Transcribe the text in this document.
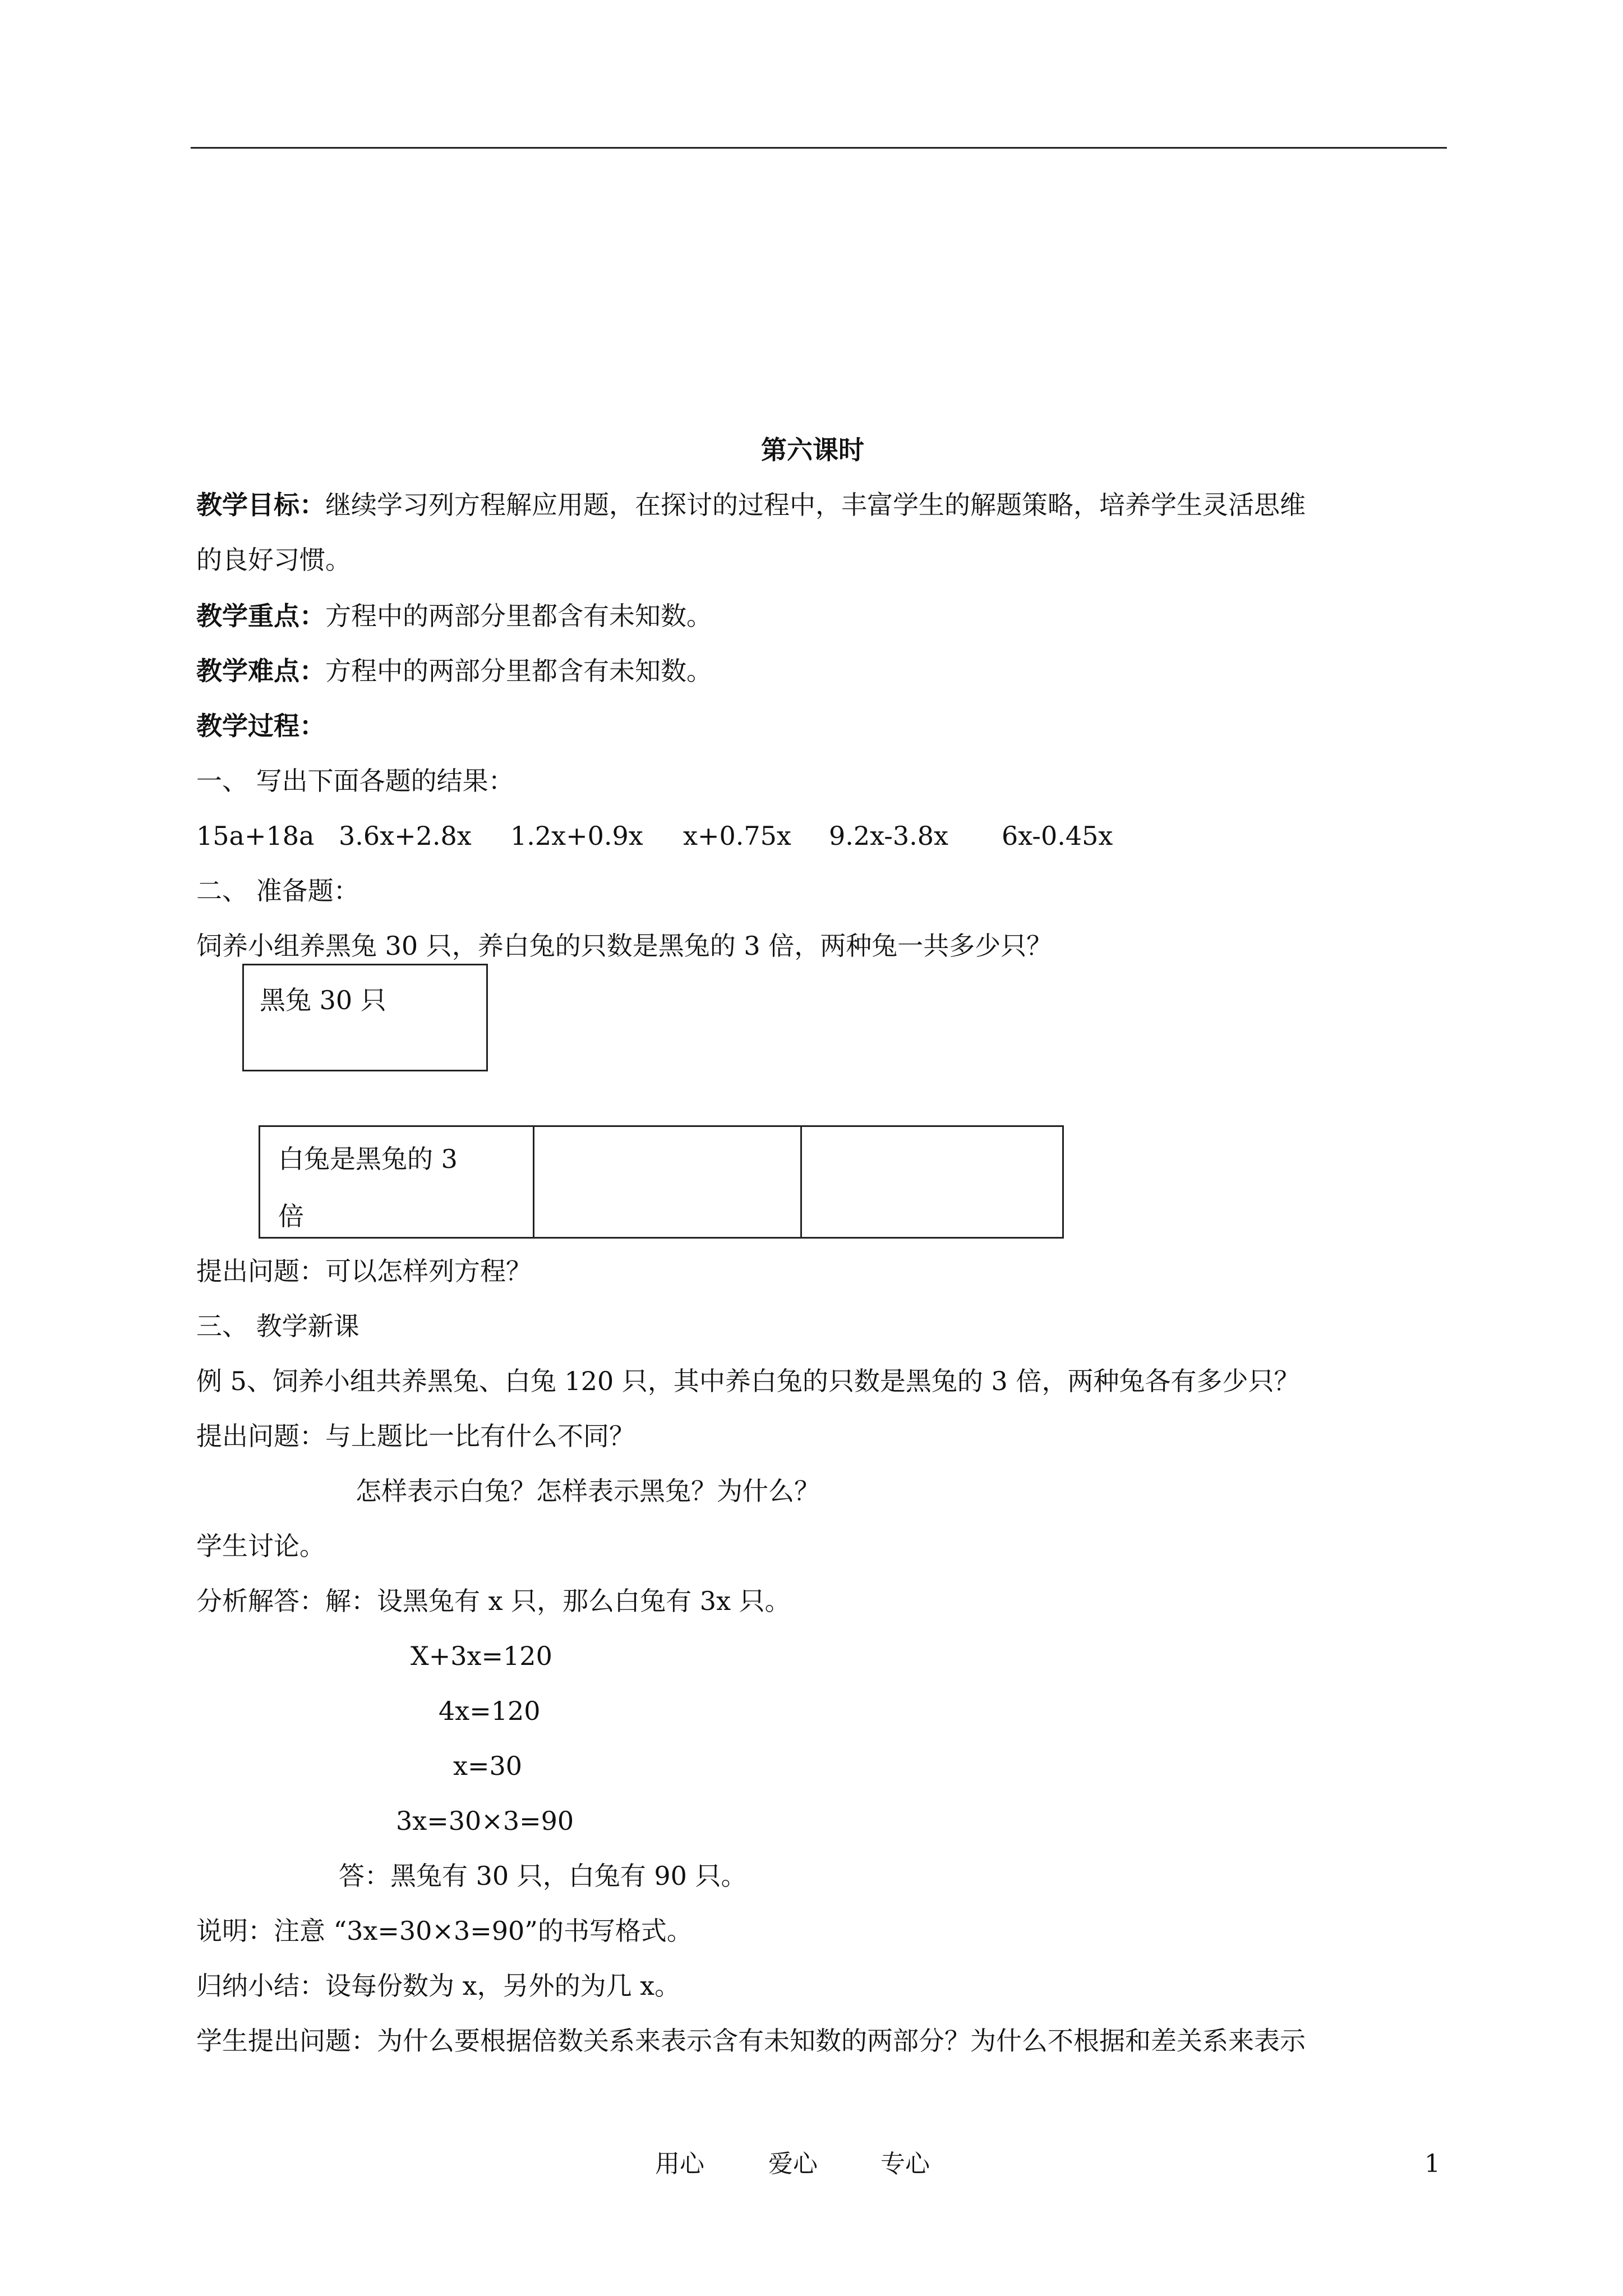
第六课时
教学目标：继续学习列方程解应用题，在探讨的过程中，丰富学生的解题策略，培养学生灵活思维
的良好习惯。
教学重点：方程中的两部分里都含有未知数。
教学难点：方程中的两部分里都含有未知数。
教学过程：
一、 写出下面各题的结果：
15a+18a 3.6x+2.8x 1.2x+0.9x x+0.75x 9.2x-3.8x 6x-0.45x
二、 准备题：
饲养小组养黑兔 30 只，养白兔的只数是黑兔的 3 倍，两种兔一共多少只？
黑兔 30 只
白兔是黑兔的 3
倍
提出问题：可以怎样列方程？
三、 教学新课
例 5、饲养小组共养黑兔、白兔 120 只，其中养白兔的只数是黑兔的 3 倍，两种兔各有多少只？
提出问题：与上题比一比有什么不同？
怎样表示白兔？怎样表示黑兔？为什么？
学生讨论。
分析解答：解：设黑兔有 x 只，那么白兔有 3x 只。
X+3x=120
4x=120
x=30
3x=30×3=90
答：黑兔有 30 只，白兔有 90 只。
说明：注意 “3x=30×3=90”的书写格式。
归纳小结：设每份数为 x，另外的为几 x。
学生提出问题：为什么要根据倍数关系来表示含有未知数的两部分？为什么不根据和差关系来表示
用心	爱心	专心	1
